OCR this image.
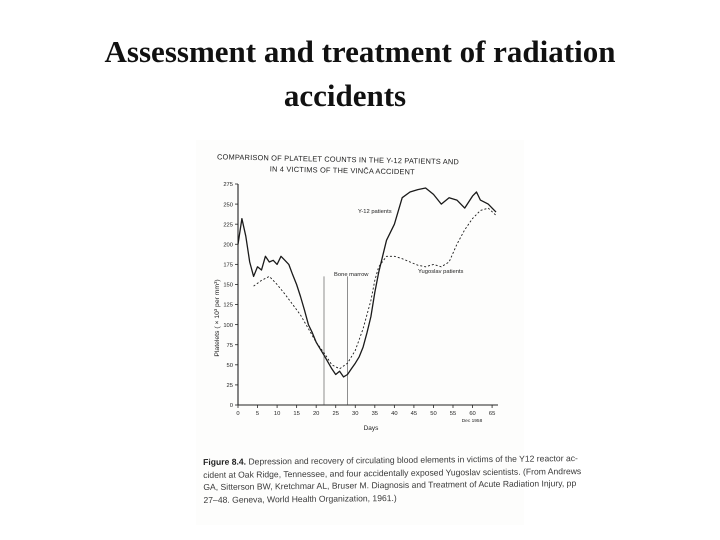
Assessment and treatment of radiation
accidents
COMPARISON OF PLATELET COUNTS IN THE Y-12 PATIENTS AND
IN 4 VICTIMS OF THE VINČA ACCIDENT
0
25
50
75
100
125
150
175
200
225
250
275
0	5	10 15 20 25 30 35 40 45 50 55 60 65
Platelets ( × 10³ per mm³)
Days
Dec 1958
Y-12 patients
Yugoslav patients
Bone marrow
Figure 8.4. Depression and recovery of circulating blood elements in victims of the Y12 reactor ac-
cident at Oak Ridge, Tennessee, and four accidentally exposed Yugoslav scientists. (From Andrews
GA, Sitterson BW, Kretchmar AL, Bruser M. Diagnosis and Treatment of Acute Radiation Injury, pp
27–48. Geneva, World Health Organization, 1961.)
